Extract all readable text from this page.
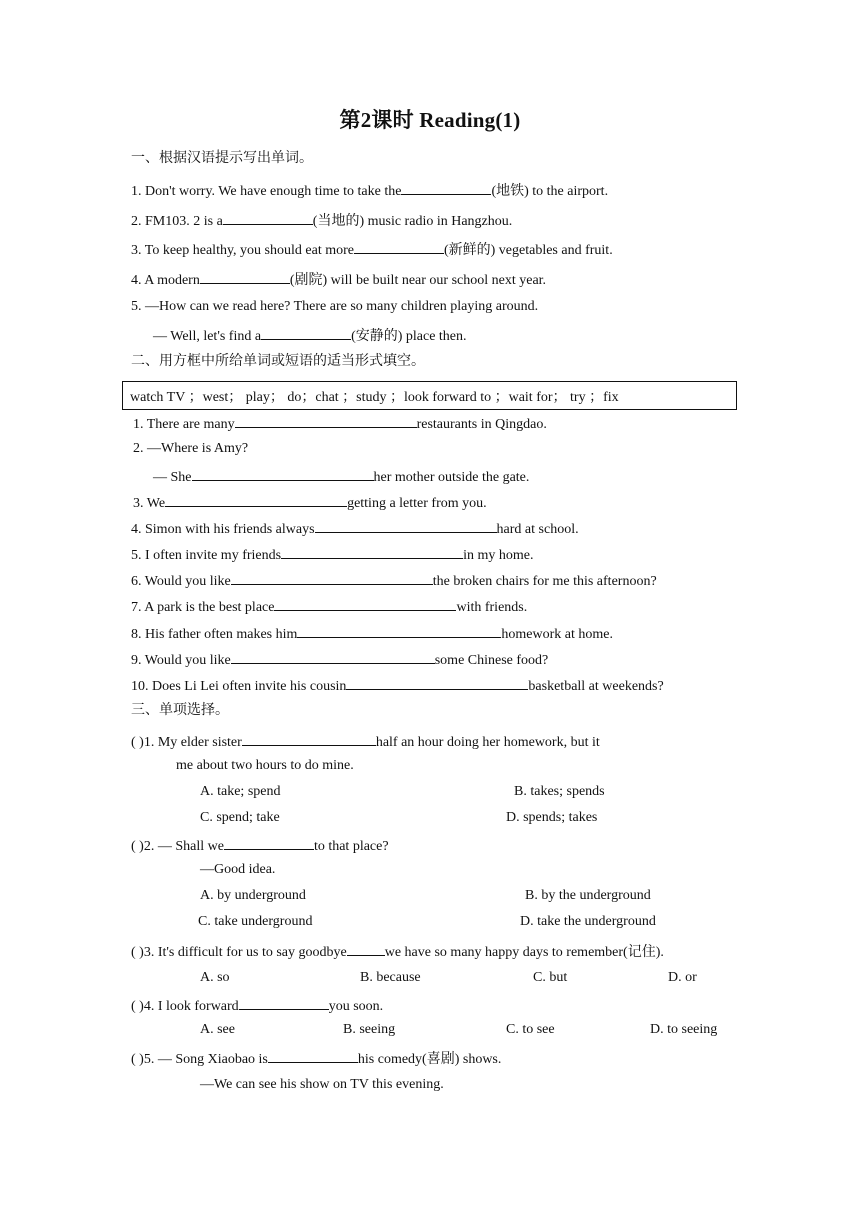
第2课时 Reading(1)
一、根据汉语提示写出单词。
1. Don't worry. We have enough time to take the	(地铁) to the airport.
2. FM103. 2 is a	(当地的) music radio in Hangzhou.
3. To keep healthy, you should eat more	(新鲜的) vegetables and fruit.
4. A modern	(剧院) will be built near our school next year.
5. —How can we read here? There are so many children playing around.
— Well, let's find a	(安静的) place then.
二、用方框中所给单词或短语的适当形式填空。
watch TV ；west； play； do；chat ；study ；look forward to ；wait for； try ；fix
1. There are many	restaurants in Qingdao.
2. —Where is Amy?
— She	her mother outside the gate.
3. We	getting a letter from you.
4. Simon with his friends always	hard at school.
5. I often invite my friends	in my home.
6. Would you like	the broken chairs for me this afternoon?
7. A park is the best place	with friends.
8. His father often makes him	homework at home.
9. Would you like	some Chinese food?
10. Does Li Lei often invite his cousin	basketball at weekends?
三、单项选择。
( )1. My elder sister	half an hour doing her homework, but it
me about two hours to do mine.
A. take; spend	B. takes; spends
C. spend; take	D. spends; takes
( )2. — Shall we	to that place?
—Good idea.
A. by underground	B. by the underground
C. take underground	D. take the underground
( )3. It's difficult for us to say goodbye	we have so many happy days to remember(记住).
A. so	B. because	C. but	D. or
( )4. I look forward	you soon.
A. see	B. seeing	C. to see	D. to seeing
( )5. — Song Xiaobao is	his comedy(喜剧) shows.
—We can see his show on TV this evening.
